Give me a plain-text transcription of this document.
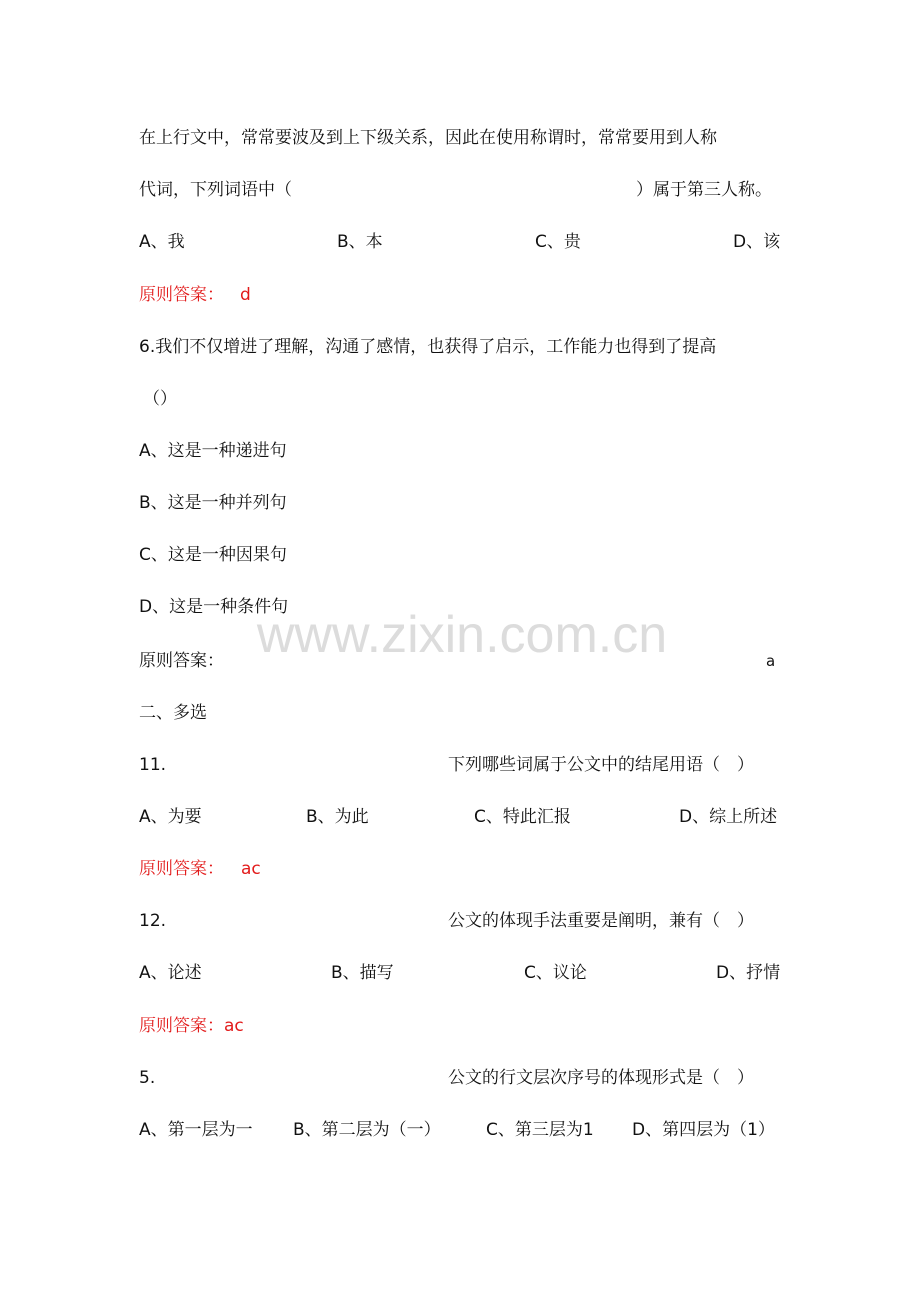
在上行文中，常常要波及到上下级关系，因此在使用称谓时，常常要用到人称
代词，下列词语中（	）属于第三人称。
A、我	B、本	C、贵	D、该
原则答案： d
6.我们不仅增进了理解，沟通了感情，也获得了启示，工作能力也得到了提高
（）
A、这是一种递进句
B、这是一种并列句
C、这是一种因果句
D、这是一种条件句
原则答案：	a
二、多选
11.	下列哪些词属于公文中的结尾用语（　）
A、为要	B、为此	C、特此汇报	D、综上所述
原则答案： ac
12.	公文的体现手法重要是阐明，兼有（　）
A、论述	B、描写	C、议论	D、抒情
原则答案：ac
5.	公文的行文层次序号的体现形式是（　）
A、第一层为一 B、第二层为（一）	C、第三层为1 D、第四层为（1）
www.zixin.com.cn
